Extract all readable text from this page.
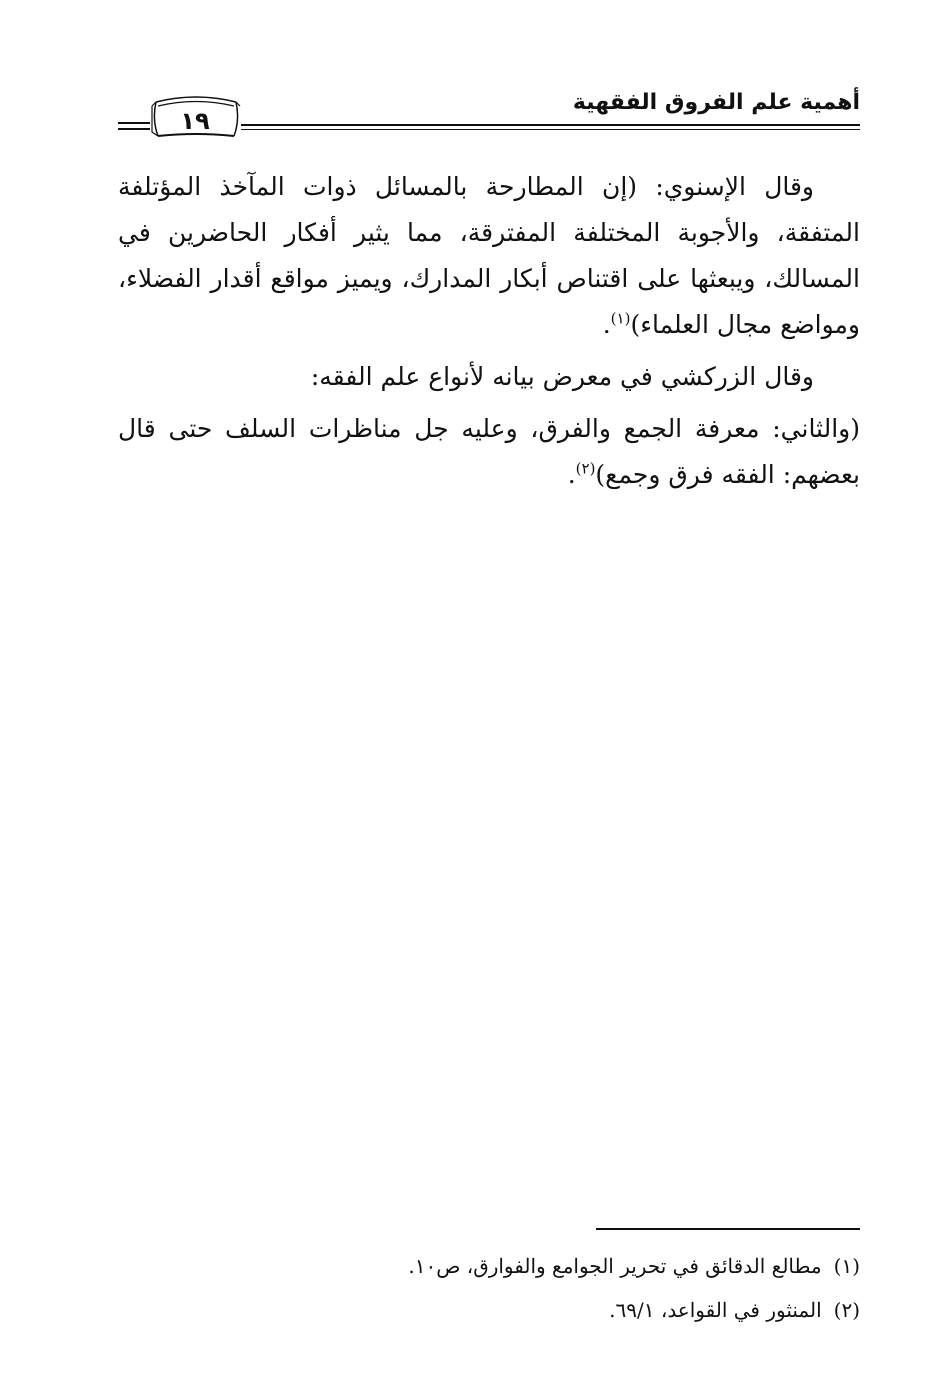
أهمية علم الفروق الفقهية
١٩

وقال الإسنوي: (إن المطارحة بالمسائل ذوات المآخذ المؤتلفة المتفقة، والأجوبة المختلفة المفترقة، مما يثير أفكار الحاضرين في المسالك، ويبعثها على اقتناص أبكار المدارك، ويميز مواقع أقدار الفضلاء، ومواضع مجال العلماء)$^{(١)}$.

وقال الزركشي في معرض بيانه لأنواع علم الفقه:

(والثاني: معرفة الجمع والفرق، وعليه جل مناظرات السلف حتى قال بعضهم: الفقه فرق وجمع)$^{(٢)}$.

(١)مطالع الدقائق في تحرير الجوامع والفوارق، ص١٠.
(٢)المنثور في القواعد، ٦٩/١.
